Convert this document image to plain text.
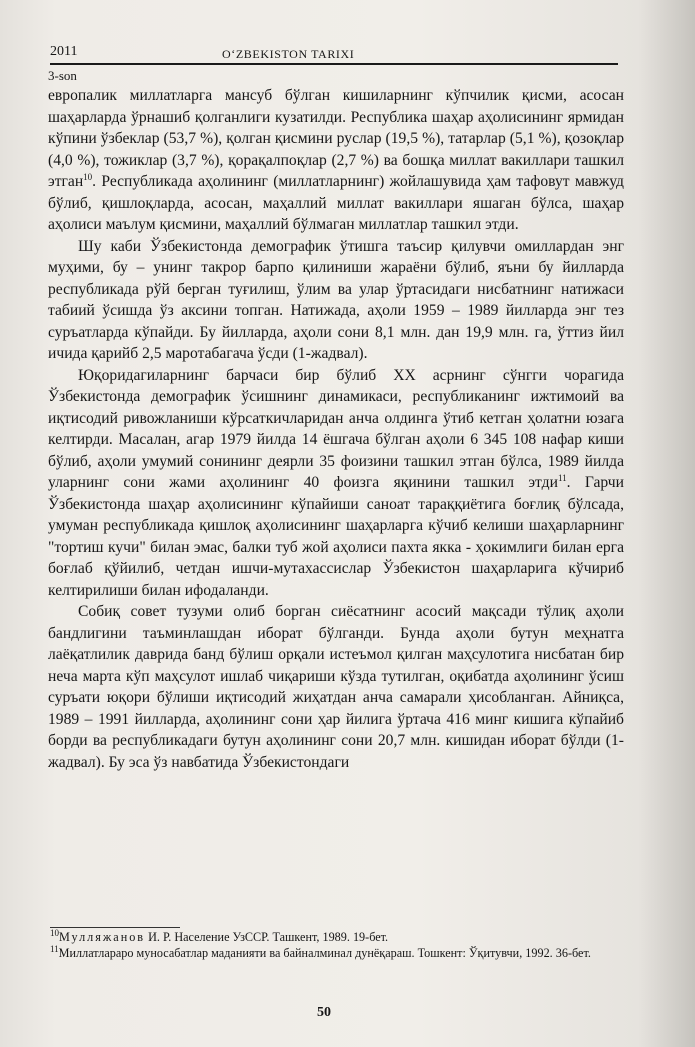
2011	O‘ZBEKISTON TARIXI
3-son

европалик миллатларга мансуб бўлган кишиларнинг кўпчилик қисми, асосан шаҳарларда ўрнашиб қолганлиги кузатилди. Республика шаҳар аҳолисининг ярмидан кўпини ўзбеклар (53,7 %), қолган қисмини руслар (19,5 %), татарлар (5,1 %), қозоқлар (4,0 %), тожиклар (3,7 %), қорақалпоқлар (2,7 %) ва бошқа миллат вакиллари ташкил этган$^{10}$. Республикада аҳолининг (миллатларнинг) жойлашувида ҳам тафовут мавжуд бўлиб, қишлоқларда, асосан, маҳаллий миллат вакиллари яшаган бўлса, шаҳар аҳолиси маълум қисмини, маҳаллий бўлмаган миллатлар ташкил этди.

Шу каби Ўзбекистонда демографик ўтишга таъсир қилувчи омиллардан энг муҳими, бу – унинг такрор барпо қилиниши жараёни бўлиб, яъни бу йилларда республикада рўй берган туғилиш, ўлим ва улар ўртасидаги нисбатнинг натижаси табиий ўсишда ўз аксини топган. Натижада, аҳоли 1959 – 1989 йилларда энг тез суръатларда кўпайди. Бу йилларда, аҳоли сони 8,1 млн. дан 19,9 млн. га, ўттиз йил ичида қарийб 2,5 маротабагача ўсди (1-жадвал).

Юқоридагиларнинг барчаси бир бўлиб XX асрнинг сўнгги чорагида Ўзбекистонда демографик ўсишнинг динамикаси, республиканинг ижтимоий ва иқтисодий ривожланиши кўрсаткичларидан анча олдинга ўтиб кетган ҳолатни юзага келтирди. Масалан, агар 1979 йилда 14 ёшгача бўлган аҳоли 6 345 108 нафар киши бўлиб, аҳоли умумий сонининг деярли 35 фоизини ташкил этган бўлса, 1989 йилда уларнинг сони жами аҳолининг 40 фоизга яқинини ташкил этди$^{11}$. Гарчи Ўзбекистонда шаҳар аҳолисининг кўпайиши саноат тараққиётига боғлиқ бўлсада, умуман республикада қишлоқ аҳолисининг шаҳарларга кўчиб келиши шаҳарларнинг "тортиш кучи" билан эмас, балки туб жой аҳолиси пахта якка - ҳокимлиги билан ерга боғлаб қўйилиб, четдан ишчи-мутахассислар Ўзбекистон шаҳарларига кўчириб келтирилиши билан ифодаланди.

Собиқ совет тузуми олиб борган сиёсатнинг асосий мақсади тўлиқ аҳоли бандлигини таъминлашдан иборат бўлганди. Бунда аҳоли бутун меҳнатга лаёқатлилик даврида банд бўлиш орқали истеъмол қилган маҳсулотига нисбатан бир неча марта кўп маҳсулот ишлаб чиқариши кўзда тутилган, оқибатда аҳолининг ўсиш суръати юқори бўлиши иқтисодий жиҳатдан анча самарали ҳисобланган. Айниқса, 1989 – 1991 йилларда, аҳолининг сони ҳар йилига ўртача 416 минг кишига кўпайиб борди ва республикадаги бутун аҳолининг сони 20,7 млн. кишидан иборат бўлди (1-жадвал). Бу эса ўз навбатида Ўзбекистондаги

$^{10}$Мулляжанов И. Р. Население УзССР. Ташкент, 1989. 19-бет.

$^{11}$Миллатлараро муносабатлар маданияти ва байналминал дунёқараш. Тошкент: Ўқитувчи, 1992. 36-бет.

50
